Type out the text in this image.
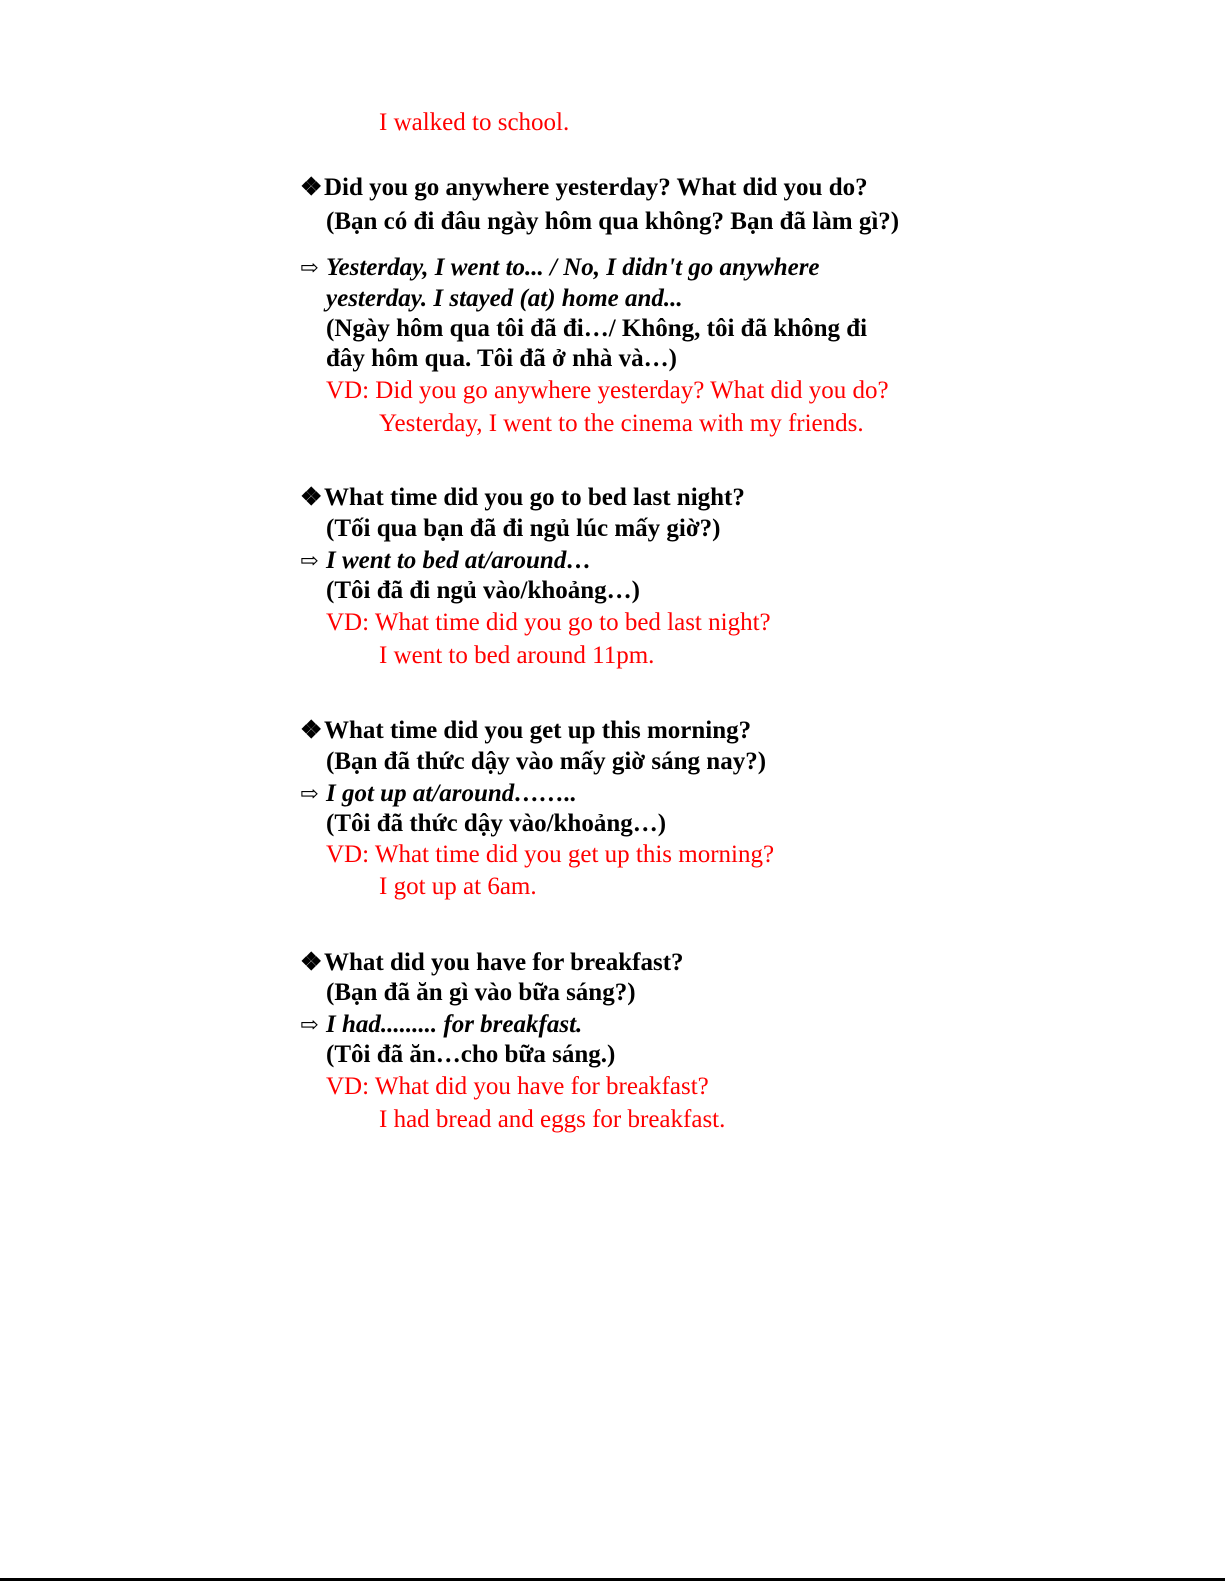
I walked to school.
❖Did you go anywhere yesterday? What did you do?
(Bạn có đi đâu ngày hôm qua không? Bạn đã làm gì?)
⇨ Yesterday, I went to... / No, I didn't go anywhere
yesterday. I stayed (at) home and...
(Ngày hôm qua tôi đã đi…/ Không, tôi đã không đi
đây hôm qua. Tôi đã ở nhà và…)
VD: Did you go anywhere yesterday? What did you do?
Yesterday, I went to the cinema with my friends.
❖What time did you go to bed last night?
(Tối qua bạn đã đi ngủ lúc mấy giờ?)
⇨ I went to bed at/around…
(Tôi đã đi ngủ vào/khoảng…)
VD: What time did you go to bed last night?
I went to bed around 11pm.
❖What time did you get up this morning?
(Bạn đã thức dậy vào mấy giờ sáng nay?)
⇨ I got up at/around……..
(Tôi đã thức dậy vào/khoảng…)
VD: What time did you get up this morning?
I got up at 6am.
❖What did you have for breakfast?
(Bạn đã ăn gì vào bữa sáng?)
⇨ I had......... for breakfast.
(Tôi đã ăn…cho bữa sáng.)
VD: What did you have for breakfast?
I had bread and eggs for breakfast.
